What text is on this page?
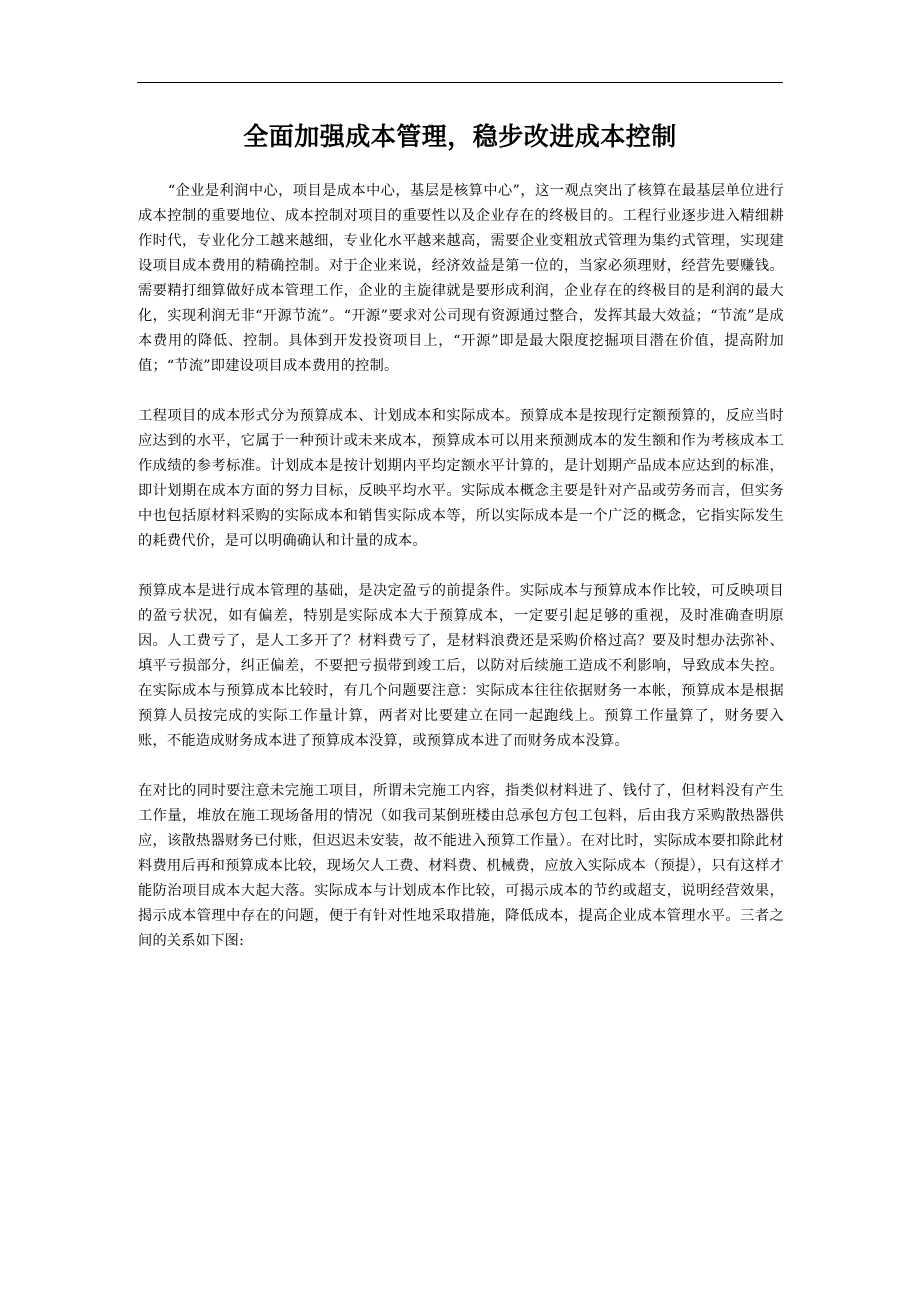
全面加强成本管理，稳步改进成本控制

“企业是利润中心，项目是成本中心，基层是核算中心”，这一观点突出了核算在最基层单位进行成本控制的重要地位、成本控制对项目的重要性以及企业存在的终极目的。工程行业逐步进入精细耕作时代，专业化分工越来越细，专业化水平越来越高，需要企业变粗放式管理为集约式管理，实现建设项目成本费用的精确控制。对于企业来说，经济效益是第一位的，当家必须理财，经营先要赚钱。需要精打细算做好成本管理工作，企业的主旋律就是要形成利润，企业存在的终极目的是利润的最大化，实现利润无非“开源节流”。“开源”要求对公司现有资源通过整合，发挥其最大效益；“节流”是成本费用的降低、控制。具体到开发投资项目上，“开源”即是最大限度挖掘项目潜在价值，提高附加值；“节流”即建设项目成本费用的控制。

工程项目的成本形式分为预算成本、计划成本和实际成本。预算成本是按现行定额预算的，反应当时应达到的水平，它属于一种预计或未来成本，预算成本可以用来预测成本的发生额和作为考核成本工作成绩的参考标准。计划成本是按计划期内平均定额水平计算的，是计划期产品成本应达到的标准，即计划期在成本方面的努力目标，反映平均水平。实际成本概念主要是针对产品或劳务而言，但实务中也包括原材料采购的实际成本和销售实际成本等，所以实际成本是一个广泛的概念，它指实际发生的耗费代价，是可以明确确认和计量的成本。

预算成本是进行成本管理的基础，是决定盈亏的前提条件。实际成本与预算成本作比较，可反映项目的盈亏状况，如有偏差，特别是实际成本大于预算成本，一定要引起足够的重视，及时准确查明原因。人工费亏了，是人工多开了？材料费亏了，是材料浪费还是采购价格过高？要及时想办法弥补、填平亏损部分，纠正偏差，不要把亏损带到竣工后，以防对后续施工造成不利影响，导致成本失控。在实际成本与预算成本比较时，有几个问题要注意：实际成本往往依据财务一本帐，预算成本是根据预算人员按完成的实际工作量计算，两者对比要建立在同一起跑线上。预算工作量算了，财务要入账，不能造成财务成本进了预算成本没算，或预算成本进了而财务成本没算。

在对比的同时要注意未完施工项目，所谓未完施工内容，指类似材料进了、钱付了，但材料没有产生工作量，堆放在施工现场备用的情况（如我司某倒班楼由总承包方包工包料，后由我方采购散热器供应，该散热器财务已付账，但迟迟未安装，故不能进入预算工作量）。在对比时，实际成本要扣除此材料费用后再和预算成本比较，现场欠人工费、材料费、机械费，应放入实际成本（预提），只有这样才能防治项目成本大起大落。实际成本与计划成本作比较，可揭示成本的节约或超支，说明经营效果，揭示成本管理中存在的问题，便于有针对性地采取措施，降低成本，提高企业成本管理水平。三者之间的关系如下图:
